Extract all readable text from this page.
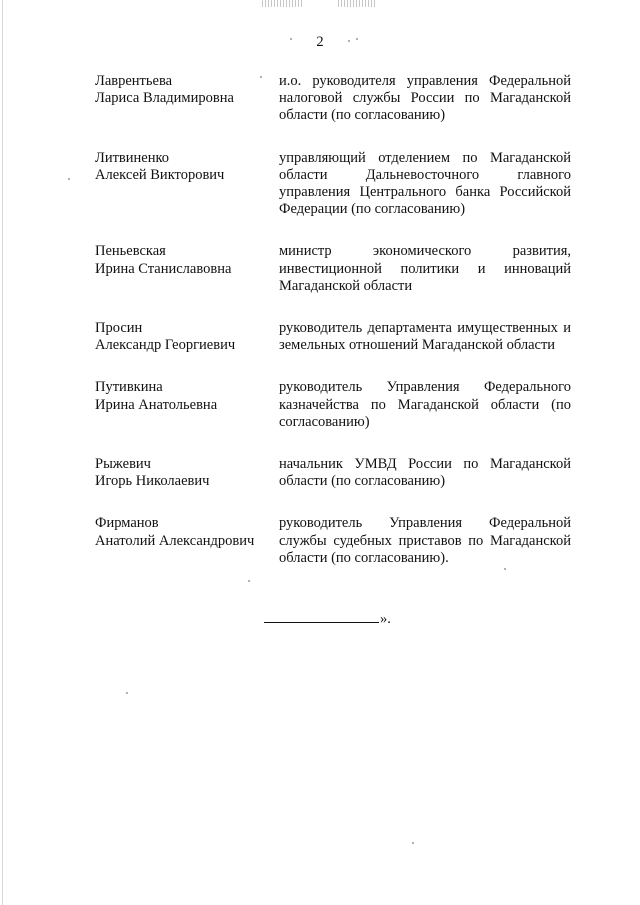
2
Лаврентьева
Лариса Владимировна
и.о. руководителя управления Федеральной налоговой службы России по Магаданской области (по согласованию)
Литвиненко
Алексей Викторович
управляющий отделением по Магаданской области Дальневосточного главного управления Центрального банка Российской Федерации (по согласованию)
Пеньевская
Ирина Станиславовна
министр экономического развития, инвестиционной политики и инноваций Магаданской области
Просин
Александр Георгиевич
руководитель департамента имущественных и земельных отношений Магаданской области
Путивкина
Ирина Анатольевна
руководитель Управления Федерального казначейства по Магаданской области (по согласованию)
Рыжевич
Игорь Николаевич
начальник УМВД России по Магаданской области (по согласованию)
Фирманов
Анатолий Александрович
руководитель Управления Федеральной службы судебных приставов по Магаданской области (по согласованию).
».
